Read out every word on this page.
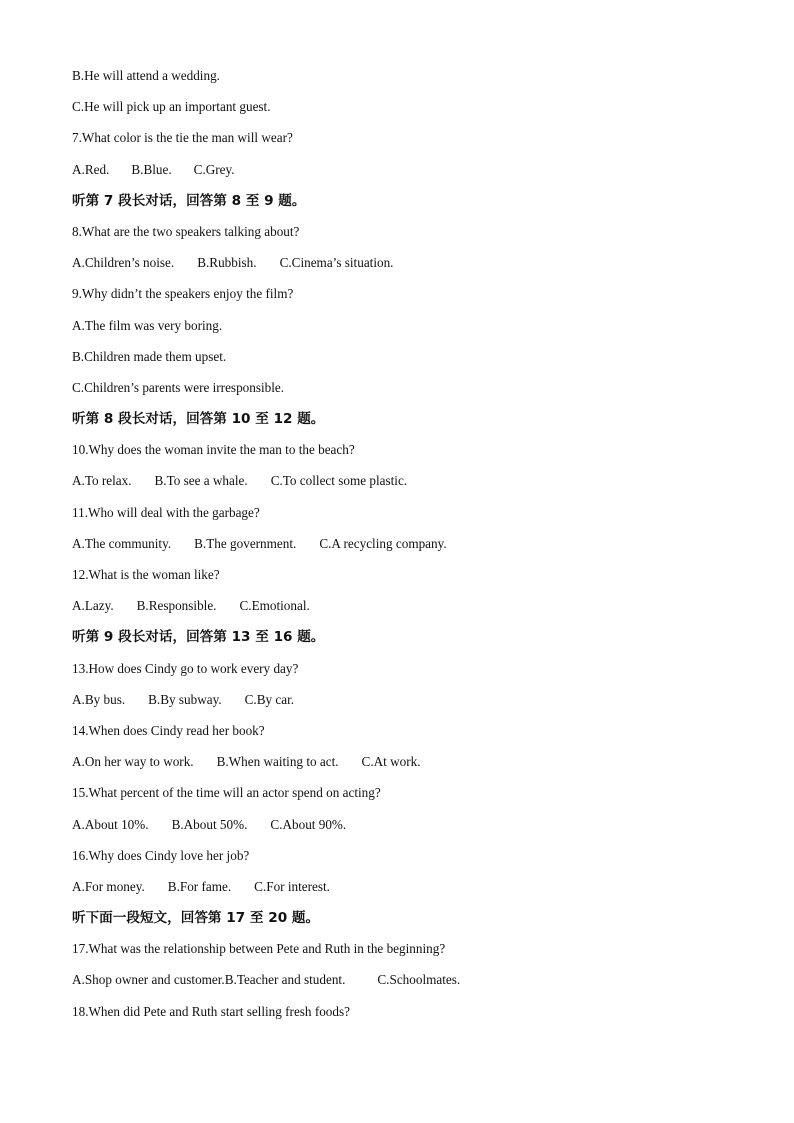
B.He will attend a wedding.
C.He will pick up an important guest.
7.What color is the tie the man will wear?
A.Red. B.Blue. C.Grey.
听第 7 段长对话，回答第 8 至 9 题。
8.What are the two speakers talking about?
A.Children’s noise. B.Rubbish. C.Cinema’s situation.
9.Why didn’t the speakers enjoy the film?
A.The film was very boring.
B.Children made them upset.
C.Children’s parents were irresponsible.
听第 8 段长对话，回答第 10 至 12 题。
10.Why does the woman invite the man to the beach?
A.To relax. B.To see a whale. C.To collect some plastic.
11.Who will deal with the garbage?
A.The community. B.The government. C.A recycling company.
12.What is the woman like?
A.Lazy. B.Responsible. C.Emotional.
听第 9 段长对话，回答第 13 至 16 题。
13.How does Cindy go to work every day?
A.By bus. B.By subway. C.By car.
14.When does Cindy read her book?
A.On her way to work. B.When waiting to act. C.At work.
15.What percent of the time will an actor spend on acting?
A.About 10%. B.About 50%. C.About 90%.
16.Why does Cindy love her job?
A.For money. B.For fame. C.For interest.
听下面一段短文，回答第 17 至 20 题。
17.What was the relationship between Pete and Ruth in the beginning?
A.Shop owner and customer.B.Teacher and student. C.Schoolmates.
18.When did Pete and Ruth start selling fresh foods?
